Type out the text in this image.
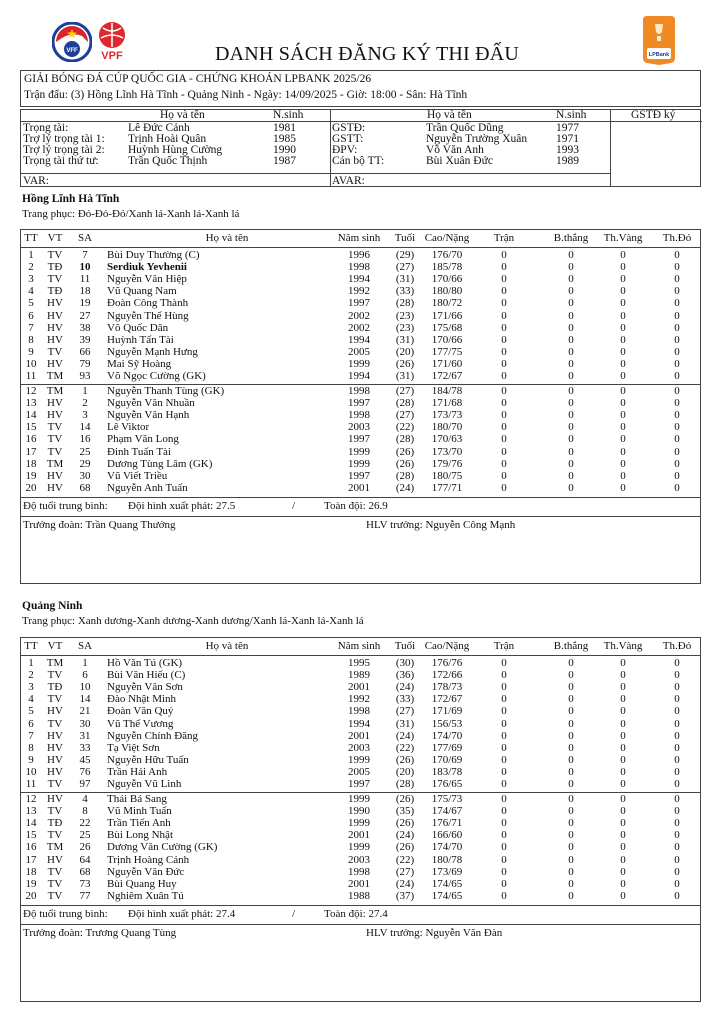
VFF VPF	DANH SÁCH ĐĂNG KÝ THI ĐẤU	LPBank
GIẢI BÓNG ĐÁ CÚP QUỐC GIA - CHỨNG KHOÁN LPBANK 2025/26
Trận đấu: (3) Hồng Lĩnh Hà Tĩnh - Quảng Ninh - Ngày: 14/09/2025 - Giờ: 18:00 - Sân: Hà Tĩnh
Họ và tên	N.sinh	Họ và tên	N.sinh	GSTĐ ký
Trọng tài:	Lê Đức Cảnh	1981
Trợ lý trọng tài 1: Trịnh Hoài Quân	1985
Trợ lý trọng tài 2: Huỳnh Hùng Cường	1990
Trọng tài thứ tư:	Trần Quốc Thịnh	1987
GSTĐ:	Trần Quốc Dũng	1977
GSTT:	Nguyễn Trường Xuân	1971
ĐPV:	Võ Văn Anh	1993
Cán bộ TT:	Bùi Xuân Đức	1989
VAR:	AVAR:
Hồng Lĩnh Hà Tĩnh
Trang phục: Đỏ-Đỏ-Đỏ/Xanh lá-Xanh lá-Xanh lá
TT VT	SA	Họ và tên	Năm sinh	Tuổi Cao/Nặng	Trận	B.thắng	Th.Vàng	Th.Đỏ
1	TV	7	Bùi Duy Thường (C)	1996	(29)	176/70	0	0	0	0
2	TĐ	10	Serdiuk Yevhenii	1998	(27)	185/78	0	0	0	0
3	TV	11	Nguyễn Văn Hiệp	1994	(31)	170/66	0	0	0	0
4	TĐ	18	Vũ Quang Nam	1992	(33)	180/80	0	0	0	0
5	HV	19	Đoàn Công Thành	1997	(28)	180/72	0	0	0	0
6	HV	27	Nguyễn Thế Hùng	2002	(23)	171/66	0	0	0	0
7	HV	38	Võ Quốc Dân	2002	(23)	175/68	0	0	0	0
8	HV	39	Huỳnh Tấn Tài	1994	(31)	170/66	0	0	0	0
9	TV	66	Nguyễn Mạnh Hưng	2005	(20)	177/75	0	0	0	0
10 HV	79	Mai Sỹ Hoàng	1999	(26)	171/60	0	0	0	0
11 TM	93	Võ Ngọc Cường (GK)	1994	(31)	172/67	0	0	0	0
12 TM	1	Nguyễn Thanh Tùng (GK)	1998	(27)	184/78	0	0	0	0
13 HV	2	Nguyễn Văn Nhuần	1997	(28)	171/68	0	0	0	0
14 HV	3	Nguyễn Văn Hạnh	1998	(27)	173/73	0	0	0	0
15	TV	14	Lê Viktor	2003	(22)	180/70	0	0	0	0
16	TV	16	Phạm Văn Long	1997	(28)	170/63	0	0	0	0
17	TV	25	Đinh Tuấn Tài	1999	(26)	173/70	0	0	0	0
18 TM	29	Dương Tùng Lâm (GK)	1999	(26)	179/76	0	0	0	0
19 HV	30	Vũ Viết Triều	1997	(28)	180/75	0	0	0	0
20 HV	68	Nguyễn Anh Tuấn	2001	(24)	177/71	0	0	0	0
Độ tuổi trung bình: Đội hình xuất phát: 27.5	/	Toàn đội: 26.9
Trưởng đoàn: Trần Quang Thưởng	HLV trưởng: Nguyễn Công Mạnh
Quảng Ninh
Trang phục: Xanh dương-Xanh dương-Xanh dương/Xanh lá-Xanh lá-Xanh lá
TT VT	SA	Họ và tên	Năm sinh	Tuổi Cao/Nặng	Trận	B.thắng	Th.Vàng	Th.Đỏ
1	TM	1	Hồ Văn Tú (GK)	1995	(30)	176/76	0	0	0	0
2	TV	6	Bùi Văn Hiếu (C)	1989	(36)	172/66	0	0	0	0
3	TĐ	10	Nguyễn Văn Sơn	2001	(24)	178/73	0	0	0	0
4	TV	14	Đào Nhật Minh	1992	(33)	172/67	0	0	0	0
5	HV	21	Đoàn Văn Quý	1998	(27)	171/69	0	0	0	0
6	TV	30	Vũ Thế Vương	1994	(31)	156/53	0	0	0	0
7	HV	31	Nguyễn Chính Đăng	2001	(24)	174/70	0	0	0	0
8	HV	33	Tạ Việt Sơn	2003	(22)	177/69	0	0	0	0
9	HV	45	Nguyễn Hữu Tuấn	1999	(26)	170/69	0	0	0	0
10 HV	76	Trần Hải Anh	2005	(20)	183/78	0	0	0	0
11	TV	97	Nguyễn Vũ Linh	1997	(28)	176/65	0	0	0	0
12 HV	4	Thái Bá Sang	1999	(26)	175/73	0	0	0	0
13	TV	8	Vũ Minh Tuấn	1990	(35)	174/67	0	0	0	0
14	TĐ	22	Trần Tiến Anh	1999	(26)	176/71	0	0	0	0
15	TV	25	Bùi Long Nhật	2001	(24)	166/60	0	0	0	0
16 TM	26	Dương Văn Cường (GK)	1999	(26)	174/70	0	0	0	0
17 HV	64	Trịnh Hoàng Cảnh	2003	(22)	180/78	0	0	0	0
18	TV	68	Nguyễn Văn Đức	1998	(27)	173/69	0	0	0	0
19	TV	73	Bùi Quang Huy	2001	(24)	174/65	0	0	0	0
20	TV	77	Nghiêm Xuân Tú	1988	(37)	174/65	0	0	0	0
Độ tuổi trung bình: Đội hình xuất phát: 27.4	/	Toàn đội: 27.4
Trưởng đoàn: Trương Quang Tùng	HLV trưởng: Nguyễn Văn Đàn
